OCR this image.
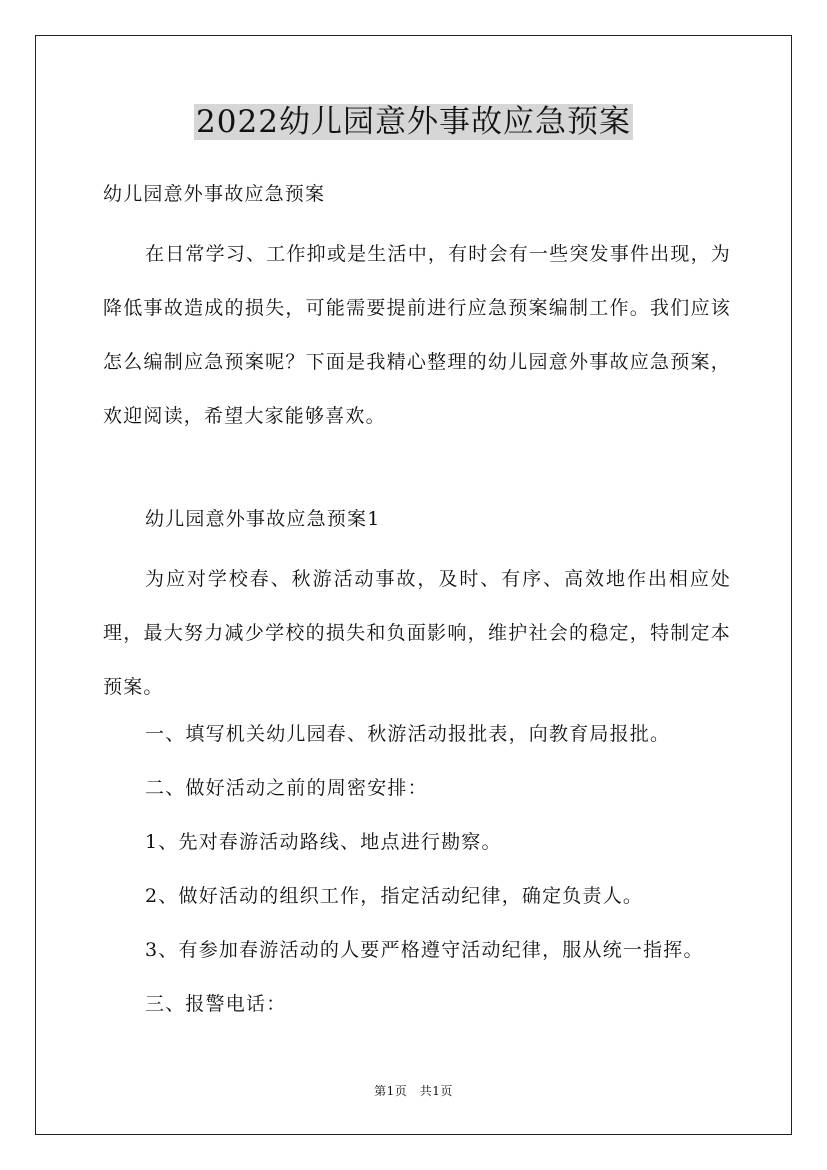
2022幼儿园意外事故应急预案
幼儿园意外事故应急预案
在日常学习、工作抑或是生活中，有时会有一些突发事件出现，为降低事故造成的损失，可能需要提前进行应急预案编制工作。我们应该怎么编制应急预案呢？下面是我精心整理的幼儿园意外事故应急预案，欢迎阅读，希望大家能够喜欢。
幼儿园意外事故应急预案1
为应对学校春、秋游活动事故，及时、有序、高效地作出相应处理，最大努力减少学校的损失和负面影响，维护社会的稳定，特制定本预案。
一、填写机关幼儿园春、秋游活动报批表，向教育局报批。
二、做好活动之前的周密安排：
1、先对春游活动路线、地点进行勘察。
2、做好活动的组织工作，指定活动纪律，确定负责人。
3、有参加春游活动的人要严格遵守活动纪律，服从统一指挥。
三、报警电话：
第1页　共1页
